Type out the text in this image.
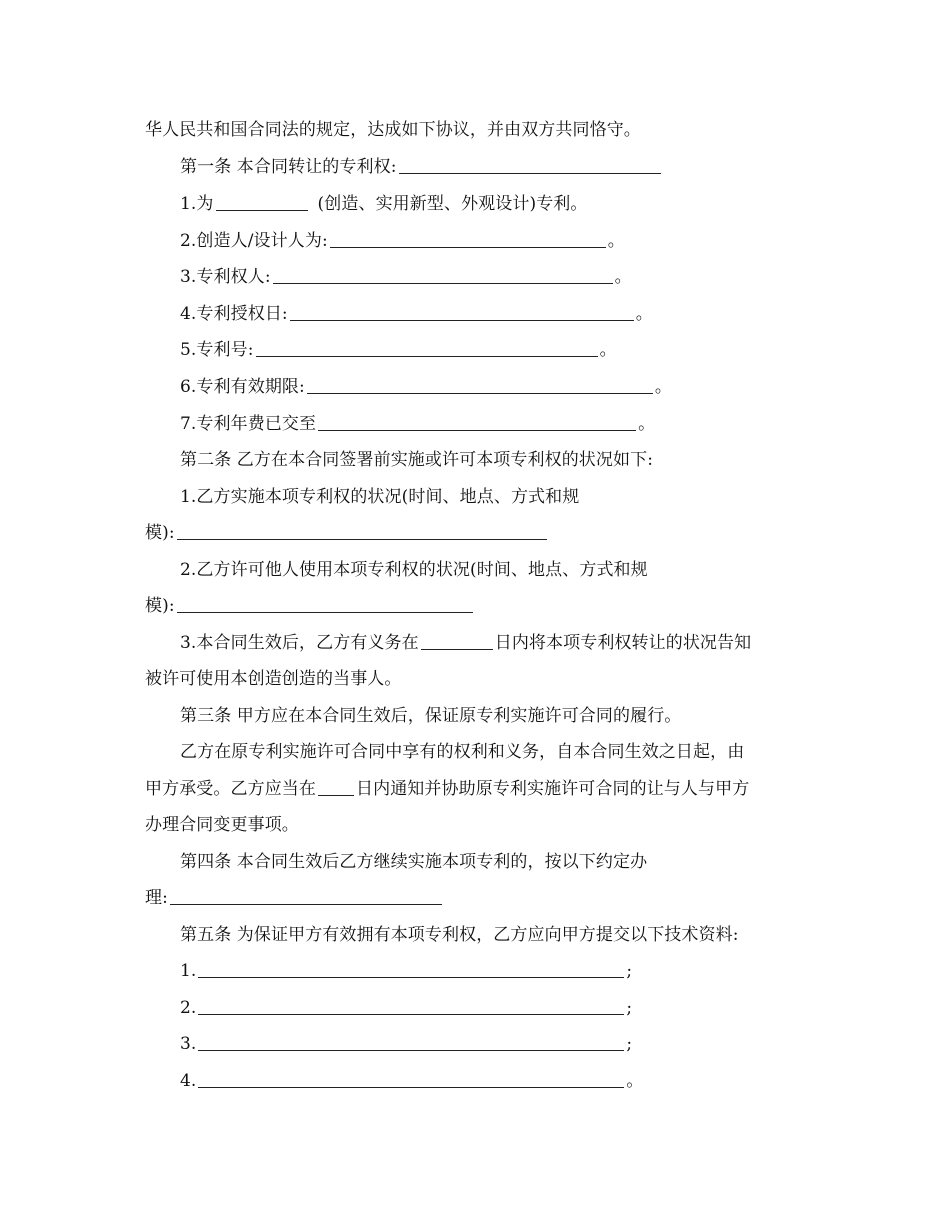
华人民共和国合同法的规定，达成如下协议，并由双方共同恪守。
第一条 本合同转让的专利权:
1.为	(创造、实用新型、外观设计)专利。
2.创造人/设计人为:	。
3.专利权人:	。
4.专利授权日:	。
5.专利号:	。
6.专利有效期限:	。
7.专利年费已交至	。
第二条 乙方在本合同签署前实施或许可本项专利权的状况如下:
1.乙方实施本项专利权的状况(时间、地点、方式和规
模):
2.乙方许可他人使用本项专利权的状况(时间、地点、方式和规
模):
3.本合同生效后，乙方有义务在	日内将本项专利权转让的状况告知
被许可使用本创造创造的当事人。
第三条 甲方应在本合同生效后，保证原专利实施许可合同的履行。
乙方在原专利实施许可合同中享有的权利和义务，自本合同生效之日起，由
甲方承受。乙方应当在 日内通知并协助原专利实施许可合同的让与人与甲方
办理合同变更事项。
第四条 本合同生效后乙方继续实施本项专利的，按以下约定办
理:
第五条 为保证甲方有效拥有本项专利权，乙方应向甲方提交以下技术资料:
1.	;
2.	;
3.	;
4.	。
